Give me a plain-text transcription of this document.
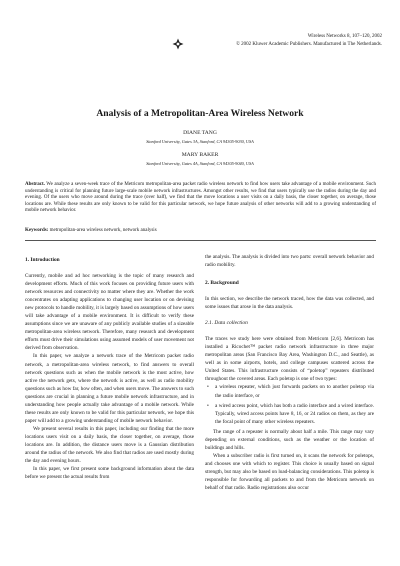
Wireless Networks 8, 107–120, 2002
© 2002 Kluwer Academic Publishers. Manufactured in The Netherlands.
Analysis of a Metropolitan-Area Wireless Network
DIANE TANG
Stanford University, Gates 3A, Stanford, CA 94305-9030, USA
MARY BAKER
Stanford University, Gates 4A, Stanford, CA 94305-9040, USA

Abstract. We analyze a seven-week trace of the Metricom metropolitan-area packet radio wireless network to find how users take advantage of a mobile environment. Such understanding is critical for planning future large-scale mobile network infrastructures. Amongst other results, we find that users typically use the radios during the day and evening. Of the users who move around during the trace (over half), we find that the move locations a user visits on a daily basis, the closer together, on average, those locations are. While these results are only known to be valid for this particular network, we hope future analysis of other networks will add to a growing understanding of mobile network behavior.

Keywords: metropolitan-area wireless network, network analysis

1. Introduction

Currently, mobile and ad hoc networking is the topic of many research and development efforts. Much of this work focuses on providing future users with network resources and connectivity no matter where they are. Whether the work concentrates on adapting applications to changing user location or on devising new protocols to handle mobility, it is largely based on assumptions of how users will take advantage of a mobile environment. It is difficult to verify these assumptions since we are unaware of any publicly available studies of a sizeable metropolitan-area wireless network. Therefore, many research and development efforts must drive their simulations using assumed models of user movement not derived from observation.

In this paper, we analyze a network trace of the Metricom packet radio network, a metropolitan-area wireless network, to find answers to overall network questions such as when the mobile network is the most active, how active the network gets, where the network is active, as well as radio mobility questions such as how far, how often, and when users move. The answers to such questions are crucial in planning a future mobile network infrastructure, and in understanding how people actually take advantage of a mobile network. While these results are only known to be valid for this particular network, we hope this paper will add to a growing understanding of mobile network behavior.

We present several results in this paper, including our finding that the more locations users visit on a daily basis, the closer together, on average, those locations are. In addition, the distance users move is a Gaussian distribution around the radius of the network. We also find that radios are used mostly during the day and evening hours.

In this paper, we first present some background information about the data before we present the actual results from

the analysis. The analysis is divided into two parts: overall network behavior and radio mobility.

2. Background

In this section, we describe the network traced, how the data was collected, and some issues that arose in the data analysis.

2.1. Data collection

The traces we study here were obtained from Metricom [2,6]. Metricom has installed a Ricochet™ packet radio network infrastructure in three major metropolitan areas (San Francisco Bay Area, Washington D.C., and Seattle), as well as in some airports, hotels, and college campuses scattered across the United States. This infrastructure consists of “poletop” repeaters distributed throughout the covered areas. Each poletop is one of two types:

• a wireless repeater, which just forwards packets on to another poletop via the radio interface, or
• a wired access point, which has both a radio interface and a wired interface. Typically, wired access points have 8, 16, or 24 radios on them, as they are the focal point of many other wireless repeaters.

The range of a repeater is normally about half a mile. This range may vary depending on external conditions, such as the weather or the location of buildings and hills.

When a subscriber radio is first turned on, it scans the network for poletops, and chooses one with which to register. This choice is usually based on signal strength, but may also be based on load-balancing considerations. This poletop is responsible for forwarding all packets to and from the Metricom network on behalf of that radio. Radio registrations also occur
